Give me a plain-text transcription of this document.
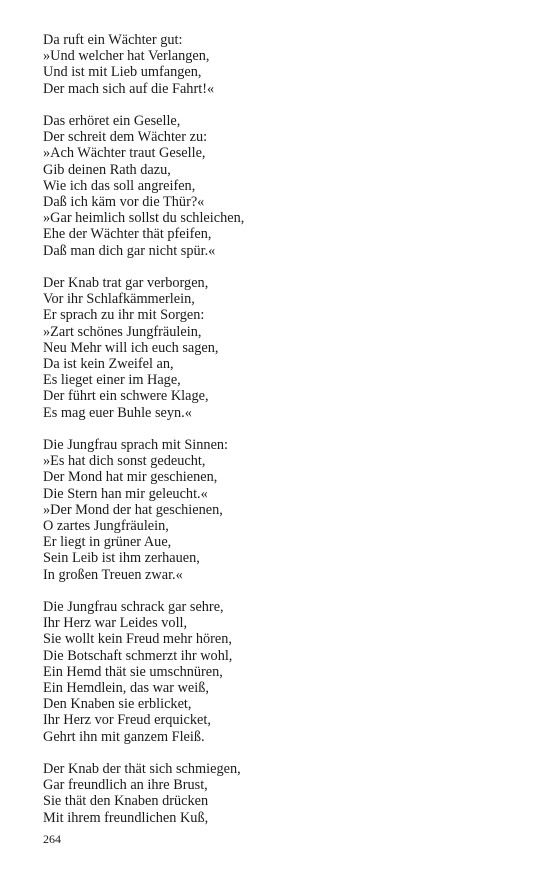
Da ruft ein Wächter gut:
»Und welcher hat Verlangen,
Und ist mit Lieb umfangen,
Der mach sich auf die Fahrt!«
Das erhöret ein Geselle,
Der schreit dem Wächter zu:
»Ach Wächter traut Geselle,
Gib deinen Rath dazu,
Wie ich das soll angreifen,
Daß ich käm vor die Thür?«
»Gar heimlich sollst du schleichen,
Ehe der Wächter thät pfeifen,
Daß man dich gar nicht spür.«
Der Knab trat gar verborgen,
Vor ihr Schlafkämmerlein,
Er sprach zu ihr mit Sorgen:
»Zart schönes Jungfräulein,
Neu Mehr will ich euch sagen,
Da ist kein Zweifel an,
Es lieget einer im Hage,
Der führt ein schwere Klage,
Es mag euer Buhle seyn.«
Die Jungfrau sprach mit Sinnen:
»Es hat dich sonst gedeucht,
Der Mond hat mir geschienen,
Die Stern han mir geleucht.«
»Der Mond der hat geschienen,
O zartes Jungfräulein,
Er liegt in grüner Aue,
Sein Leib ist ihm zerhauen,
In großen Treuen zwar.«
Die Jungfrau schrack gar sehre,
Ihr Herz war Leides voll,
Sie wollt kein Freud mehr hören,
Die Botschaft schmerzt ihr wohl,
Ein Hemd thät sie umschnüren,
Ein Hemdlein, das war weiß,
Den Knaben sie erblicket,
Ihr Herz vor Freud erquicket,
Gehrt ihn mit ganzem Fleiß.
Der Knab der thät sich schmiegen,
Gar freundlich an ihre Brust,
Sie thät den Knaben drücken
Mit ihrem freundlichen Kuß,
264
